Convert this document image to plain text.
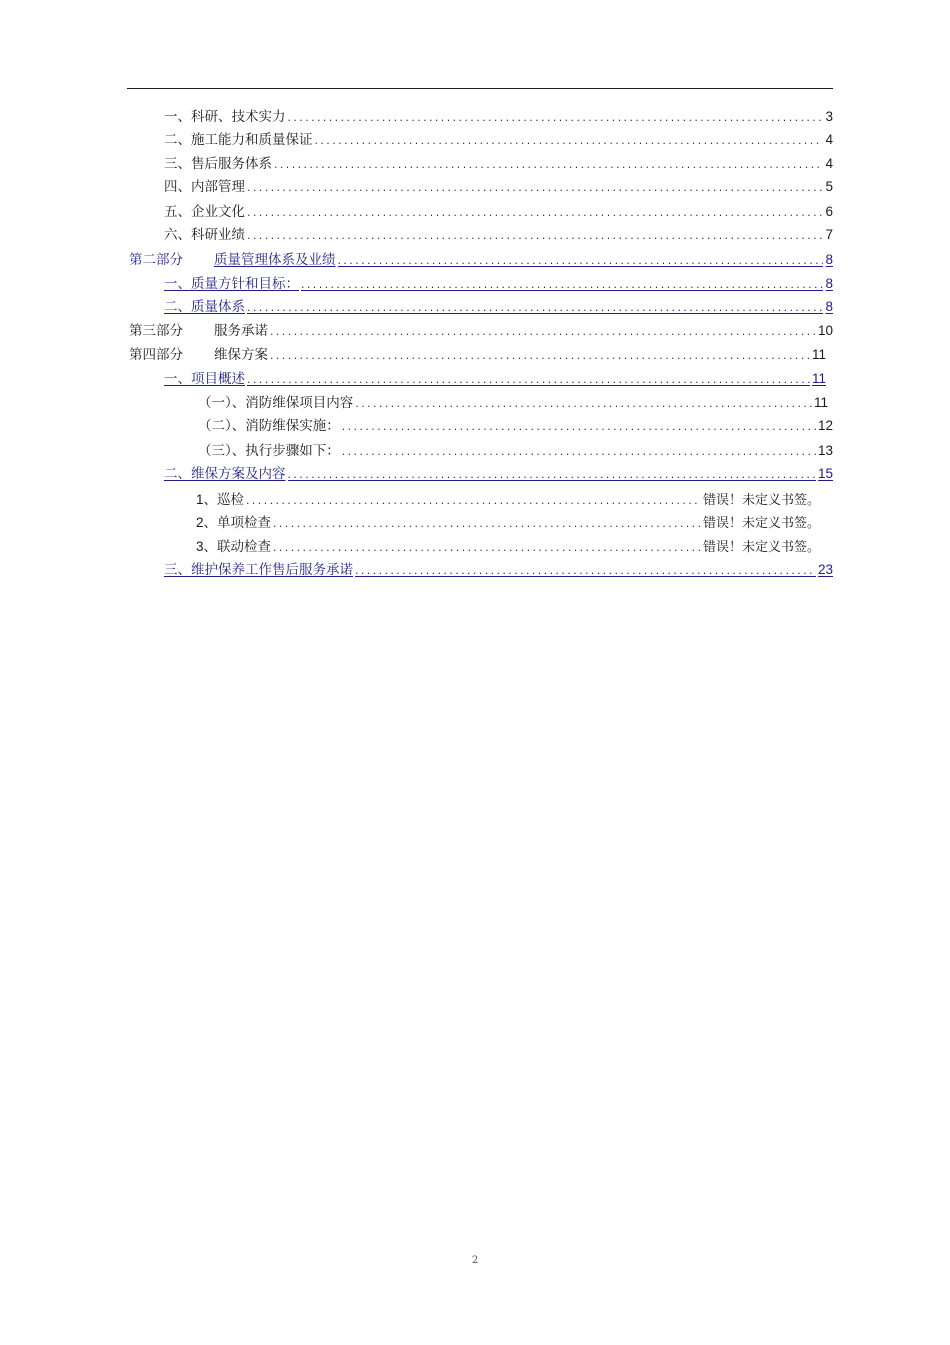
一、科研、技术实力 .....	3
二、施工能力和质量保证 .....	4
三、售后服务体系 .....	4
四、内部管理 .....	5
五、企业文化 .....	6
六、科研业绩 .....	7
第二部分 质量管理体系及业绩 .....	8
一、质量方针和目标： .....	8
二、质量体系 .....	8
第三部分 服务承诺 .....	10
第四部分 维保方案 .....	11
一、项目概述 .....	11
（一）、消防维保项目内容 .....	11
（二）、消防维保实施： .....	12
（三）、执行步骤如下： .....	13
二、维保方案及内容 .....	15
1、巡检 .....	错误！未定义书签。
2、单项检查 .....	错误！未定义书签。
3、联动检查 .....	错误！未定义书签。
三、维护保养工作售后服务承诺 .....	23
2
